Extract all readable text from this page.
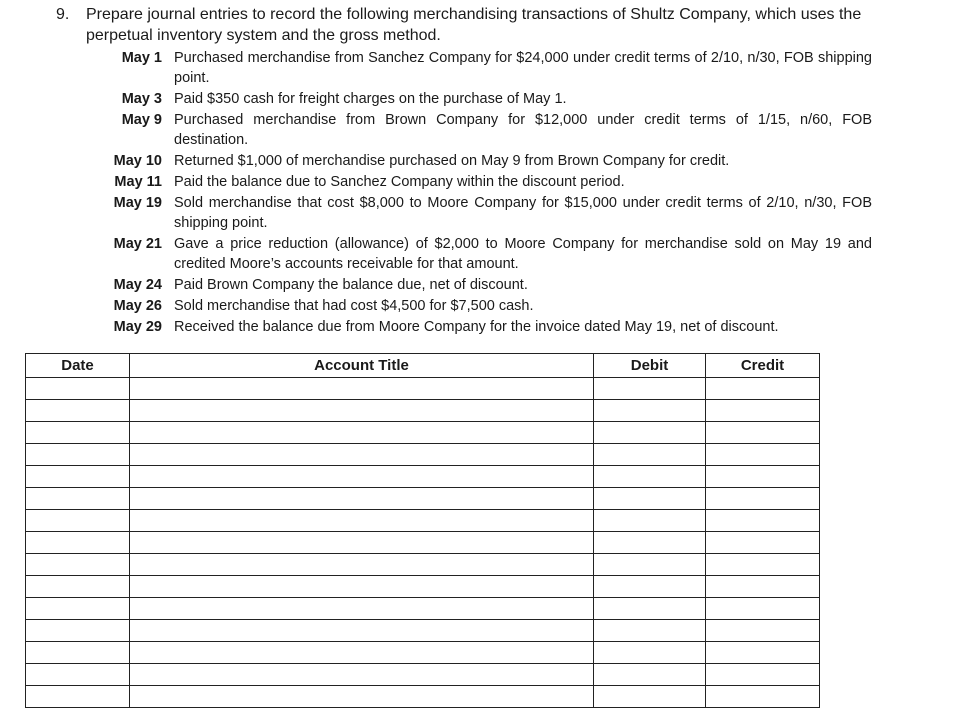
9. Prepare journal entries to record the following merchandising transactions of Shultz Company, which uses the perpetual inventory system and the gross method.
May 1 Purchased merchandise from Sanchez Company for $24,000 under credit terms of 2/10, n/30, FOB shipping point.
May 3 Paid $350 cash for freight charges on the purchase of May 1.
May 9 Purchased merchandise from Brown Company for $12,000 under credit terms of 1/15, n/60, FOB destination.
May 10 Returned $1,000 of merchandise purchased on May 9 from Brown Company for credit.
May 11 Paid the balance due to Sanchez Company within the discount period.
May 19 Sold merchandise that cost $8,000 to Moore Company for $15,000 under credit terms of 2/10, n/30, FOB shipping point.
May 21 Gave a price reduction (allowance) of $2,000 to Moore Company for merchandise sold on May 19 and credited Moore’s accounts receivable for that amount.
May 24 Paid Brown Company the balance due, net of discount.
May 26 Sold merchandise that had cost $4,500 for $7,500 cash.
May 29 Received the balance due from Moore Company for the invoice dated May 19, net of discount.
Date	Account Title	Debit	Credit
